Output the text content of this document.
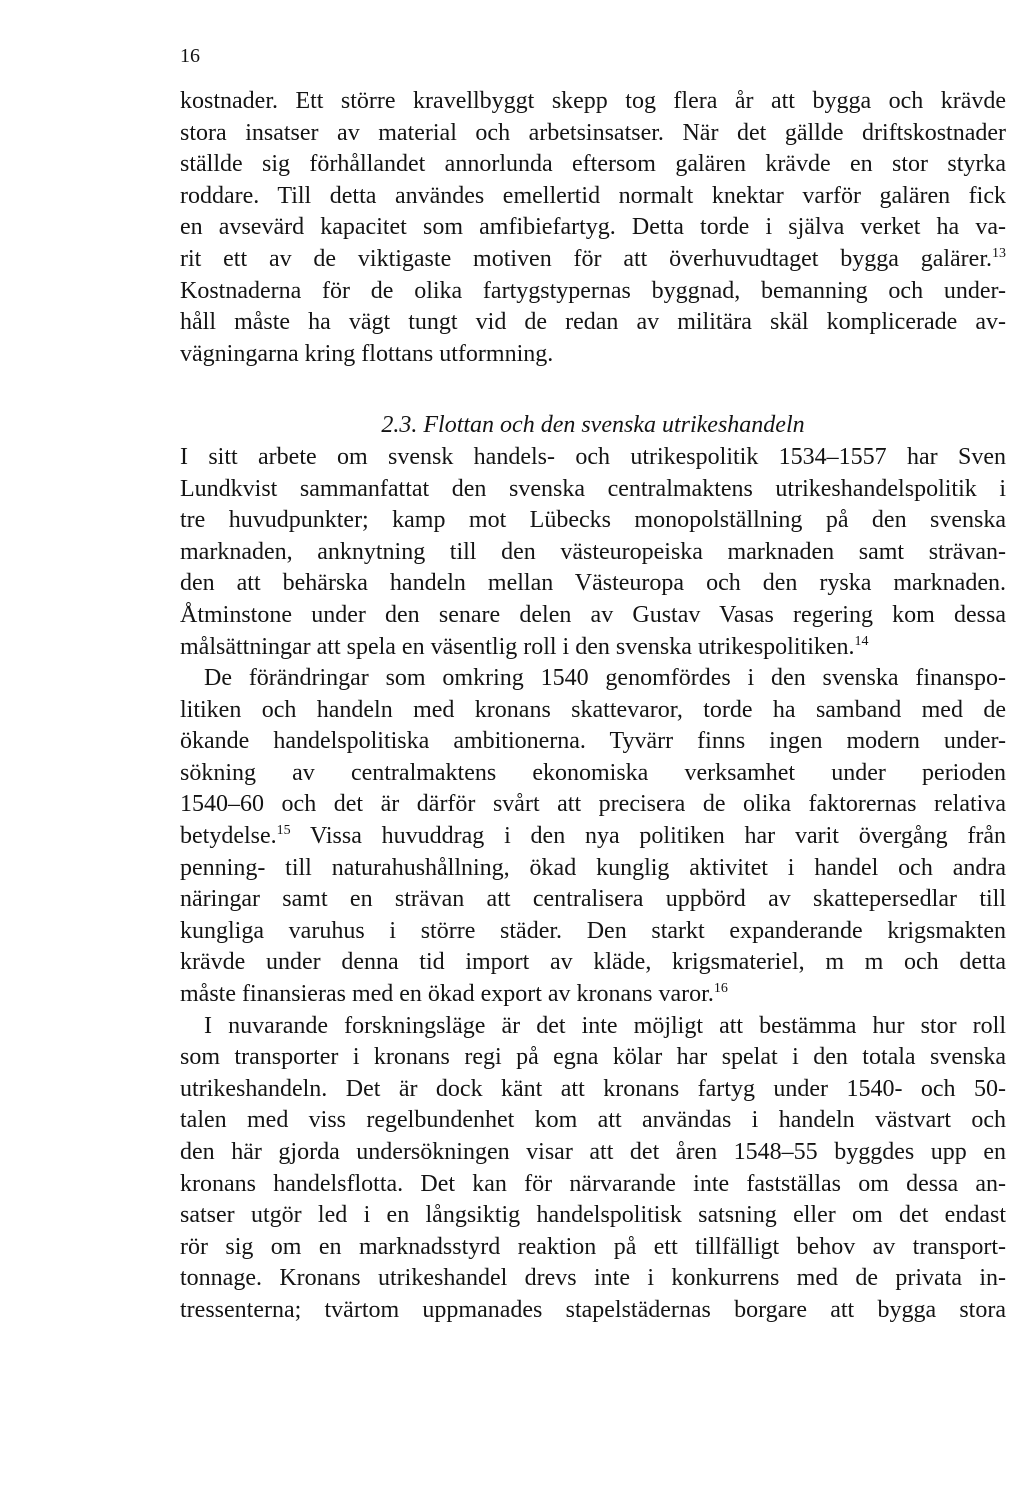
16
kostnader. Ett större kravellbyggt skepp tog flera år att bygga och krävde
stora insatser av material och arbetsinsatser. När det gällde driftskostnader
ställde sig förhållandet annorlunda eftersom galären krävde en stor styrka
roddare. Till detta användes emellertid normalt knektar varför galären fick
en avsevärd kapacitet som amfibiefartyg. Detta torde i själva verket ha va-
rit ett av de viktigaste motiven för att överhuvudtaget bygga galärer.$^{13}$
Kostnaderna för de olika fartygstypernas byggnad, bemanning och under-
håll måste ha vägt tungt vid de redan av militära skäl komplicerade av-
vägningarna kring flottans utformning.
2.3. Flottan och den svenska utrikeshandeln
I sitt arbete om svensk handels- och utrikespolitik 1534–1557 har Sven
Lundkvist sammanfattat den svenska centralmaktens utrikeshandelspolitik i
tre huvudpunkter; kamp mot Lübecks monopolställning på den svenska
marknaden, anknytning till den västeuropeiska marknaden samt strävan-
den att behärska handeln mellan Västeuropa och den ryska marknaden.
Åtminstone under den senare delen av Gustav Vasas regering kom dessa
målsättningar att spela en väsentlig roll i den svenska utrikespolitiken.$^{14}$
De förändringar som omkring 1540 genomfördes i den svenska finanspo-
litiken och handeln med kronans skattevaror, torde ha samband med de
ökande handelspolitiska ambitionerna. Tyvärr finns ingen modern under-
sökning av centralmaktens ekonomiska verksamhet under perioden
1540–60 och det är därför svårt att precisera de olika faktorernas relativa
betydelse.$^{15}$ Vissa huvuddrag i den nya politiken har varit övergång från
penning- till naturahushållning, ökad kunglig aktivitet i handel och andra
näringar samt en strävan att centralisera uppbörd av skattepersedlar till
kungliga varuhus i större städer. Den starkt expanderande krigsmakten
krävde under denna tid import av kläde, krigsmateriel, m m och detta
måste finansieras med en ökad export av kronans varor.$^{16}$
I nuvarande forskningsläge är det inte möjligt att bestämma hur stor roll
som transporter i kronans regi på egna kölar har spelat i den totala svenska
utrikeshandeln. Det är dock känt att kronans fartyg under 1540- och 50-
talen med viss regelbundenhet kom att användas i handeln västvart och
den här gjorda undersökningen visar att det åren 1548–55 byggdes upp en
kronans handelsflotta. Det kan för närvarande inte fastställas om dessa an-
satser utgör led i en långsiktig handelspolitisk satsning eller om det endast
rör sig om en marknadsstyrd reaktion på ett tillfälligt behov av transport-
tonnage. Kronans utrikeshandel drevs inte i konkurrens med de privata in-
tressenterna; tvärtom uppmanades stapelstädernas borgare att bygga stora
